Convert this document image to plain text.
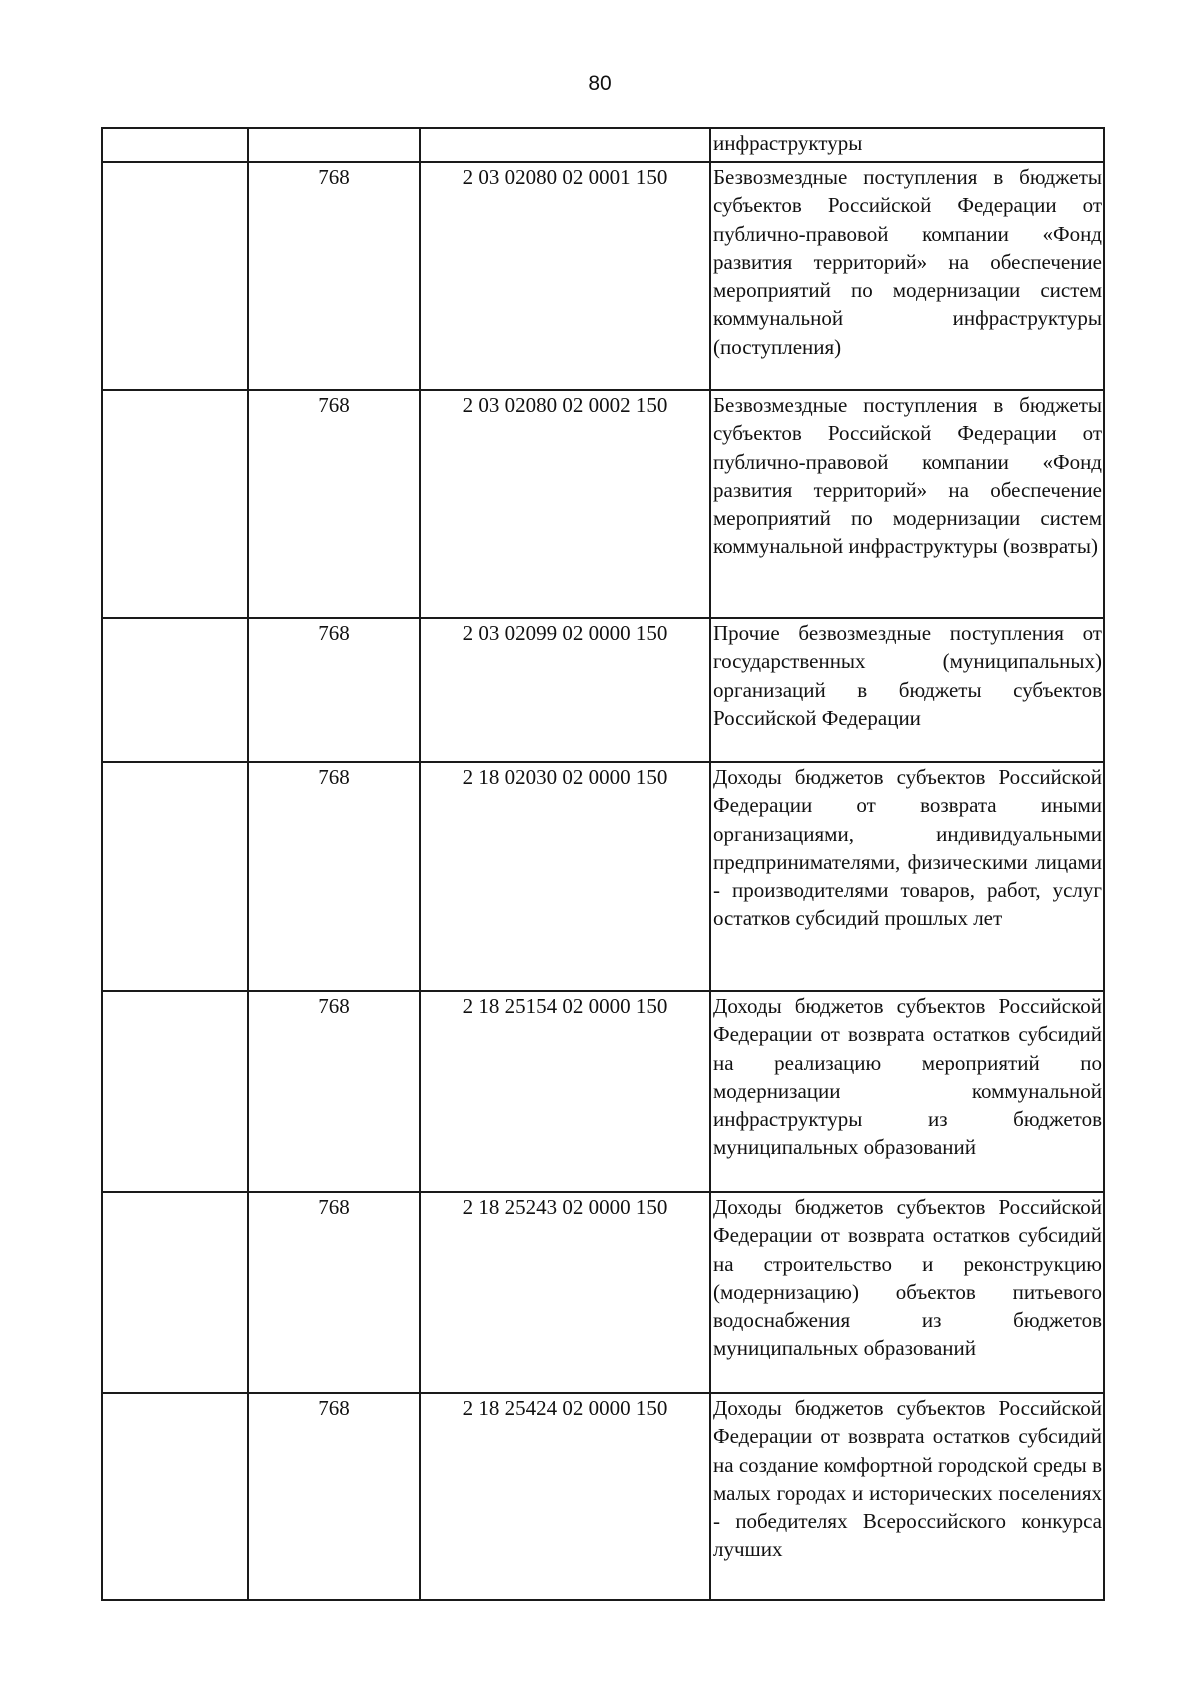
80

			инфраструктуры

	768	2 03 02080 02 0001 150	Безвозмездные поступления в бюджеты субъектов Российской Федерации от публично-правовой компании «Фонд развития территорий» на обеспечение мероприятий по модернизации систем коммунальной инфраструктуры (поступления)

	768	2 03 02080 02 0002 150	Безвозмездные поступления в бюджеты субъектов Российской Федерации от публично-правовой компании «Фонд развития территорий» на обеспечение мероприятий по модернизации систем коммунальной инфраструктуры (возвраты)

	768	2 03 02099 02 0000 150	Прочие безвозмездные поступления от государственных (муниципальных) организаций в бюджеты субъектов Российской Федерации

	768	2 18 02030 02 0000 150	Доходы бюджетов субъектов Российской Федерации от возврата иными организациями, индивидуальными предпринимателями, физическими лицами - производителями товаров, работ, услуг остатков субсидий прошлых лет

	768	2 18 25154 02 0000 150	Доходы бюджетов субъектов Российской Федерации от возврата остатков субсидий на реализацию мероприятий по модернизации коммунальной инфраструктуры из бюджетов муниципальных образований

	768	2 18 25243 02 0000 150	Доходы бюджетов субъектов Российской Федерации от возврата остатков субсидий на строительство и реконструкцию (модернизацию) объектов питьевого водоснабжения из бюджетов муниципальных образований

	768	2 18 25424 02 0000 150	Доходы бюджетов субъектов Российской Федерации от возврата остатков субсидий на создание комфортной городской среды в малых городах и исторических поселениях - победителях Всероссийского конкурса лучших
